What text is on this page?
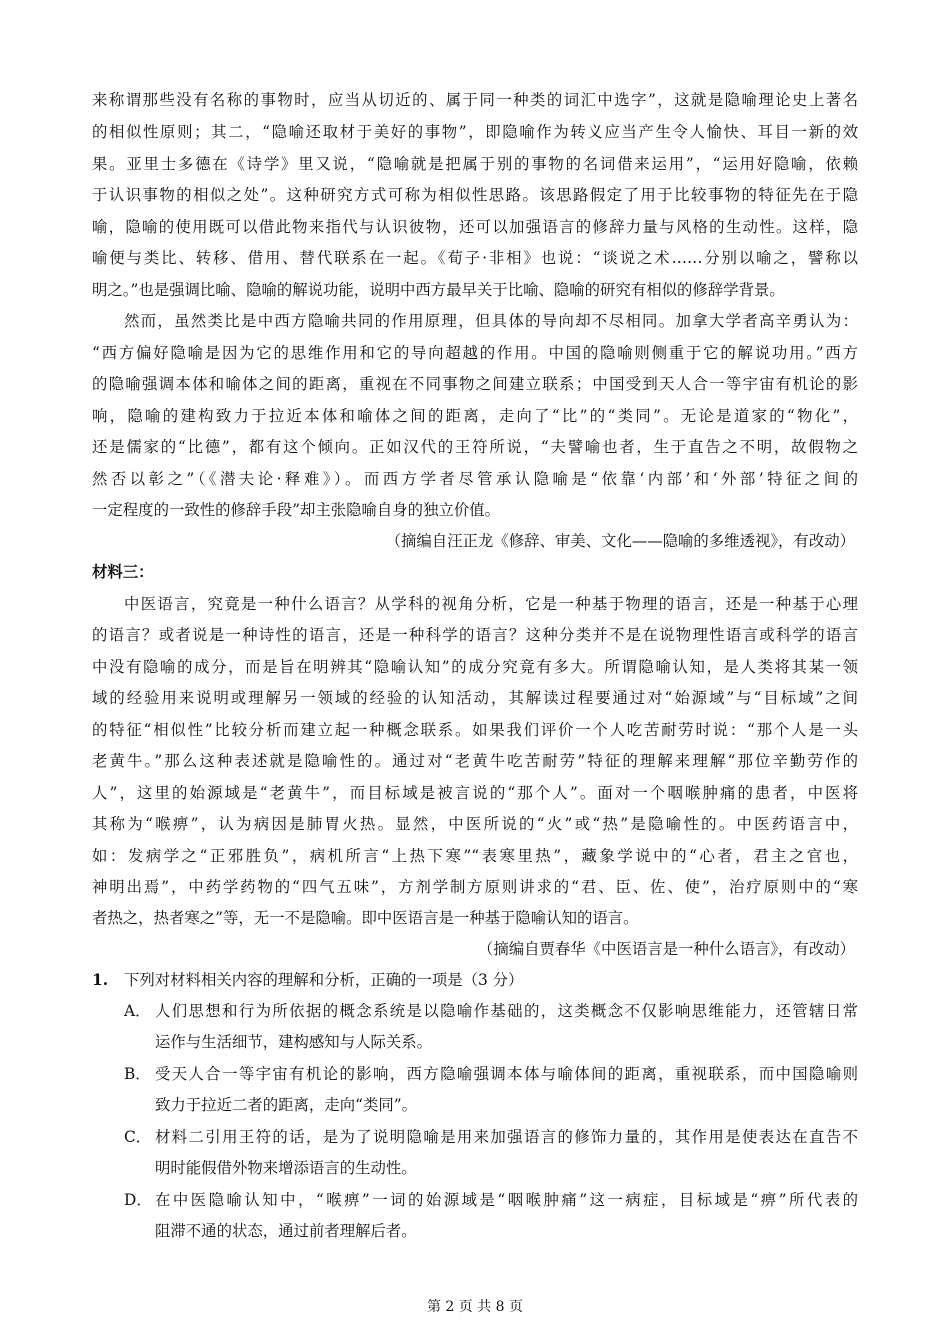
来称谓那些没有名称的事物时，应当从切近的、属于同一种类的词汇中选字”，这就是隐喻理论史上著名
的相似性原则；其二，“隐喻还取材于美好的事物”，即隐喻作为转义应当产生令人愉快、耳目一新的效
果。亚里士多德在《诗学》里又说，“隐喻就是把属于别的事物的名词借来运用”，“运用好隐喻，依赖
于认识事物的相似之处”。这种研究方式可称为相似性思路。该思路假定了用于比较事物的特征先在于隐
喻，隐喻的使用既可以借此物来指代与认识彼物，还可以加强语言的修辞力量与风格的生动性。这样，隐
喻便与类比、转移、借用、替代联系在一起。《荀子·非相》也说：“谈说之术……分别以喻之，譬称以
明之。”也是强调比喻、隐喻的解说功能，说明中西方最早关于比喻、隐喻的研究有相似的修辞学背景。
然而，虽然类比是中西方隐喻共同的作用原理，但具体的导向却不尽相同。加拿大学者高辛勇认为：
“西方偏好隐喻是因为它的思维作用和它的导向超越的作用。中国的隐喻则侧重于它的解说功用。”西方
的隐喻强调本体和喻体之间的距离，重视在不同事物之间建立联系；中国受到天人合一等宇宙有机论的影
响，隐喻的建构致力于拉近本体和喻体之间的距离，走向了“比”的“类同”。无论是道家的“物化”，
还是儒家的“比德”，都有这个倾向。正如汉代的王符所说，“夫譬喻也者，生于直告之不明，故假物之
然否以彰之”（《潜夫论·释难》）。而西方学者尽管承认隐喻是“依靠‘内部’和‘外部’特征之间的
一定程度的一致性的修辞手段”却主张隐喻自身的独立价值。
（摘编自汪正龙《修辞、审美、文化——隐喻的多维透视》，有改动）
材料三：
中医语言，究竟是一种什么语言？从学科的视角分析，它是一种基于物理的语言，还是一种基于心理
的语言？或者说是一种诗性的语言，还是一种科学的语言？这种分类并不是在说物理性语言或科学的语言
中没有隐喻的成分，而是旨在明辨其“隐喻认知”的成分究竟有多大。所谓隐喻认知，是人类将其某一领
域的经验用来说明或理解另一领域的经验的认知活动，其解读过程要通过对“始源域”与“目标域”之间
的特征“相似性”比较分析而建立起一种概念联系。如果我们评价一个人吃苦耐劳时说：“那个人是一头
老黄牛。”那么这种表述就是隐喻性的。通过对“老黄牛吃苦耐劳”特征的理解来理解“那位辛勤劳作的
人”，这里的始源域是“老黄牛”，而目标域是被言说的“那个人”。面对一个咽喉肿痛的患者，中医将
其称为“喉痹”，认为病因是肺胃火热。显然，中医所说的“火”或“热”是隐喻性的。中医药语言中，
如：发病学之“正邪胜负”，病机所言“上热下寒”“表寒里热”，藏象学说中的“心者，君主之官也，
神明出焉”，中药学药物的“四气五味”，方剂学制方原则讲求的“君、臣、佐、使”，治疗原则中的“寒
者热之，热者寒之”等，无一不是隐喻。即中医语言是一种基于隐喻认知的语言。
（摘编自贾春华《中医语言是一种什么语言》，有改动）
1. 下列对材料相关内容的理解和分析，正确的一项是（3 分）
A． 人们思想和行为所依据的概念系统是以隐喻作基础的，这类概念不仅影响思维能力，还管辖日常
运作与生活细节，建构感知与人际关系。
B． 受天人合一等宇宙有机论的影响，西方隐喻强调本体与喻体间的距离，重视联系，而中国隐喻则
致力于拉近二者的距离，走向“类同”。
C． 材料二引用王符的话，是为了说明隐喻是用来加强语言的修饰力量的，其作用是使表达在直告不
明时能假借外物来增添语言的生动性。
D． 在中医隐喻认知中，“喉痹”一词的始源域是“咽喉肿痛”这一病症，目标域是“痹”所代表的
阻滞不通的状态，通过前者理解后者。
第 2 页 共 8 页
